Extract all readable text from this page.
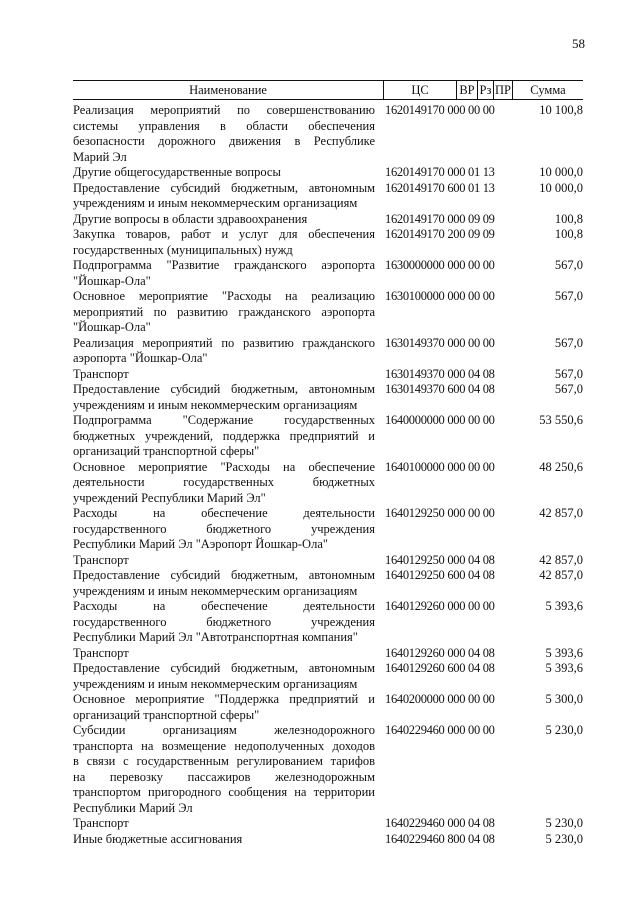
58
Наименование	ЦС	ВР Рз ПР	Сумма
Реализация мероприятий по совершенствованию
системы управления в области обеспечения
безопасности дорожного движения в Республике
Марий Эл
1620149170 000 00 00	10 100,8
Другие общегосударственные вопросы	1620149170 000 01 13	10 000,0
Предоставление субсидий бюджетным, автономным
учреждениям и иным некоммерческим организациям
1620149170 600 01 13	10 000,0
Другие вопросы в области здравоохранения	1620149170 000 09 09	100,8
Закупка товаров, работ и услуг для обеспечения
государственных (муниципальных) нужд
1620149170 200 09 09	100,8
Подпрограмма "Развитие гражданского аэропорта
"Йошкар-Ола"
1630000000 000 00 00	567,0
Основное мероприятие "Расходы на реализацию
мероприятий по развитию гражданского аэропорта
"Йошкар-Ола"
1630100000 000 00 00	567,0
Реализация мероприятий по развитию гражданского
аэропорта "Йошкар-Ола"
1630149370 000 00 00	567,0
Транспорт	1630149370 000 04 08	567,0
Предоставление субсидий бюджетным, автономным
учреждениям и иным некоммерческим организациям
1630149370 600 04 08	567,0
Подпрограмма "Содержание государственных
бюджетных учреждений, поддержка предприятий и
организаций транспортной сферы"
1640000000 000 00 00	53 550,6
Основное мероприятие "Расходы на обеспечение
деятельности государственных бюджетных
учреждений Республики Марий Эл"
1640100000 000 00 00	48 250,6
Расходы на обеспечение деятельности
государственного бюджетного учреждения
Республики Марий Эл "Аэропорт Йошкар-Ола"
1640129250 000 00 00	42 857,0
Транспорт	1640129250 000 04 08	42 857,0
Предоставление субсидий бюджетным, автономным
учреждениям и иным некоммерческим организациям
1640129250 600 04 08	42 857,0
Расходы на обеспечение деятельности
государственного бюджетного учреждения
Республики Марий Эл "Автотранспортная компания"
1640129260 000 00 00	5 393,6
Транспорт	1640129260 000 04 08	5 393,6
Предоставление субсидий бюджетным, автономным
учреждениям и иным некоммерческим организациям
1640129260 600 04 08	5 393,6
Основное мероприятие "Поддержка предприятий и
организаций транспортной сферы"
1640200000 000 00 00	5 300,0
Субсидии организациям железнодорожного
транспорта на возмещение недополученных доходов
в связи с государственным регулированием тарифов
на перевозку пассажиров железнодорожным
транспортом пригородного сообщения на территории
Республики Марий Эл
1640229460 000 00 00	5 230,0
Транспорт	1640229460 000 04 08	5 230,0
Иные бюджетные ассигнования	1640229460 800 04 08	5 230,0
